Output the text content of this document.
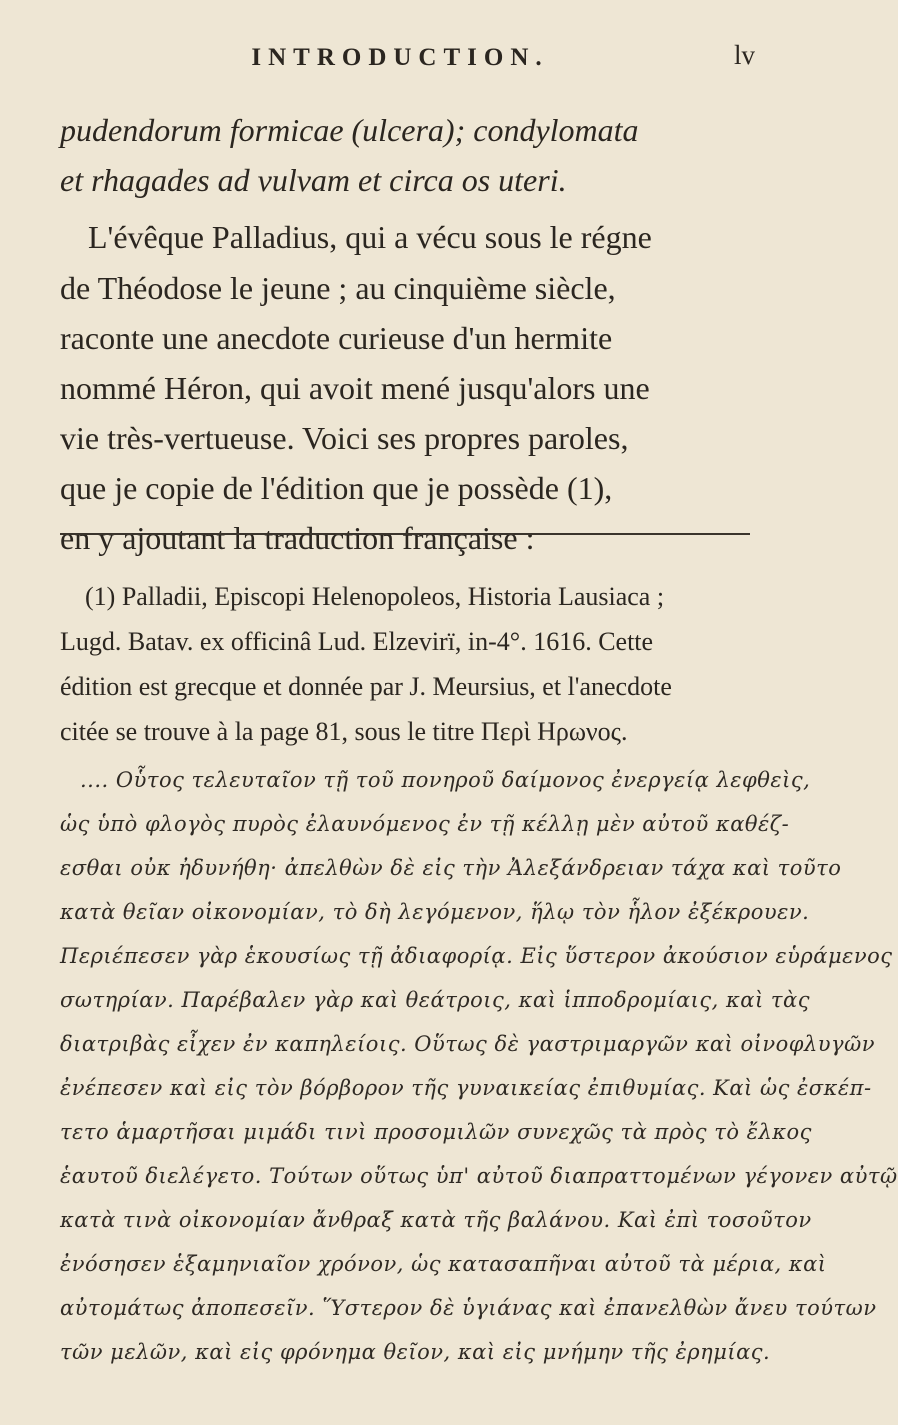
INTRODUCTION.	lv
pudendorum formicae (ulcera); condylomata
et rhagades ad vulvam et circa os uteri.
L'évêque Palladius, qui a vécu sous le régne
de Théodose le jeune ; au cinquième siècle,
raconte une anecdote curieuse d'un hermite
nommé Héron, qui avoit mené jusqu'alors une
vie très-vertueuse. Voici ses propres paroles,
que je copie de l'édition que je possède (1),
en y ajoutant la traduction française :
(1) Palladii, Episcopi Helenopoleos, Historia Lausiaca ;
Lugd. Batav. ex officinâ Lud. Elzevirï, in-4°. 1616. Cette
édition est grecque et donnée par J. Meursius, et l'anecdote
citée se trouve à la page 81, sous le titre Περὶ Ηρωνος.
.... Οὗτος τελευταῖον τῇ τοῦ πονηροῦ δαίμονος ἐνεργείᾳ λεφθεὶς,
ὡς ὑπὸ φλογὸς πυρὸς ἐλαυνόμενος ἐν τῇ κέλλῃ μὲν αὐτοῦ καθέζ-
εσθαι οὐκ ἠδυνήθη· ἀπελθὼν δὲ εἰς τὴν Ἀλεξάνδρειαν τάχα καὶ τοῦτο
κατὰ θεῖαν οἰκονομίαν, τὸ δὴ λεγόμενον, ἥλῳ τὸν ἧλον ἐξέκρουεν.
Περιέπεσεν γὰρ ἑκουσίως τῇ ἀδιαφορίᾳ. Εἰς ὕστερον ἀκούσιον εὑράμενος
σωτηρίαν. Παρέβαλεν γὰρ καὶ θεάτροις, καὶ ἱπποδρομίαις, καὶ τὰς
διατριβὰς εἶχεν ἐν καπηλείοις. Οὕτως δὲ γαστριμαργῶν καὶ οἰνοφλυγῶν
ἐνέπεσεν καὶ εἰς τὸν βόρβορον τῆς γυναικείας ἐπιθυμίας. Καὶ ὡς ἐσκέπ-
τετο ἁμαρτῆσαι μιμάδι τινὶ προσομιλῶν συνεχῶς τὰ πρὸς τὸ ἔλκος
ἑαυτοῦ διελέγετο. Τούτων οὕτως ὑπ' αὐτοῦ διαπραττομένων γέγονεν αὐτῷ
κατὰ τινὰ οἰκονομίαν ἄνθραξ κατὰ τῆς βαλάνου. Καὶ ἐπὶ τοσοῦτον
ἐνόσησεν ἑξαμηνιαῖον χρόνον, ὡς κατασαπῆναι αὐτοῦ τὰ μέρια, καὶ
αὐτομάτως ἀποπεσεῖν. Ὕστερον δὲ ὑγιάνας καὶ ἐπανελθὼν ἄνευ τούτων
τῶν μελῶν, καὶ εἰς φρόνημα θεῖον, καὶ εἰς μνήμην τῆς ἐρημίας.
